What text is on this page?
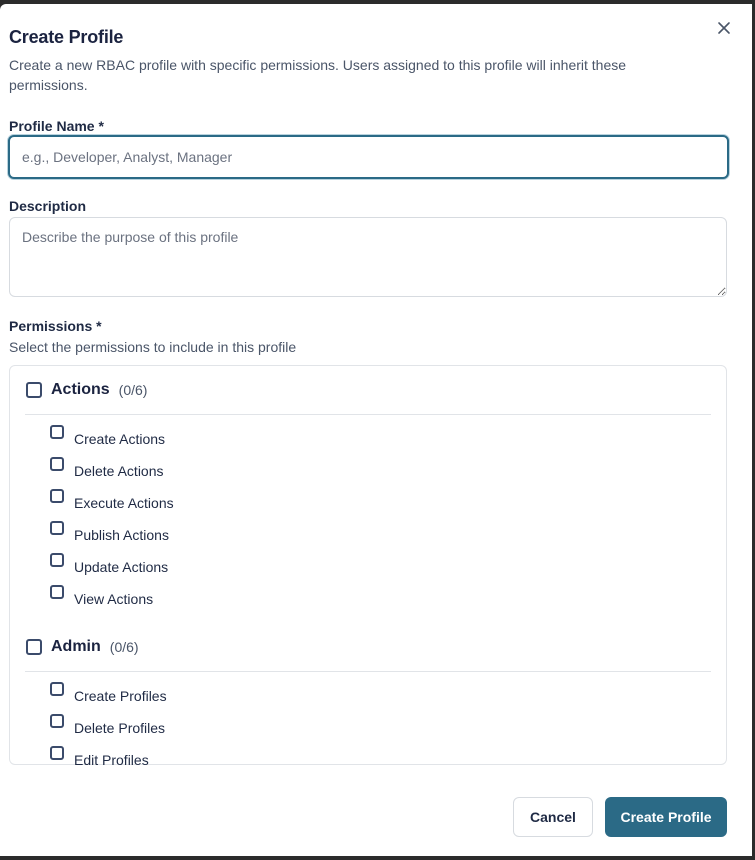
Create Profile
Create a new RBAC profile with specific permissions. Users assigned to this profile will inherit these permissions.
Profile Name *
e.g., Developer, Analyst, Manager
Description
Describe the purpose of this profile
Permissions *
Select the permissions to include in this profile
Actions (0/6)
Create Actions
Delete Actions
Execute Actions
Publish Actions
Update Actions
View Actions
Admin (0/6)
Create Profiles
Delete Profiles
Edit Profiles
Cancel	Create Profile
